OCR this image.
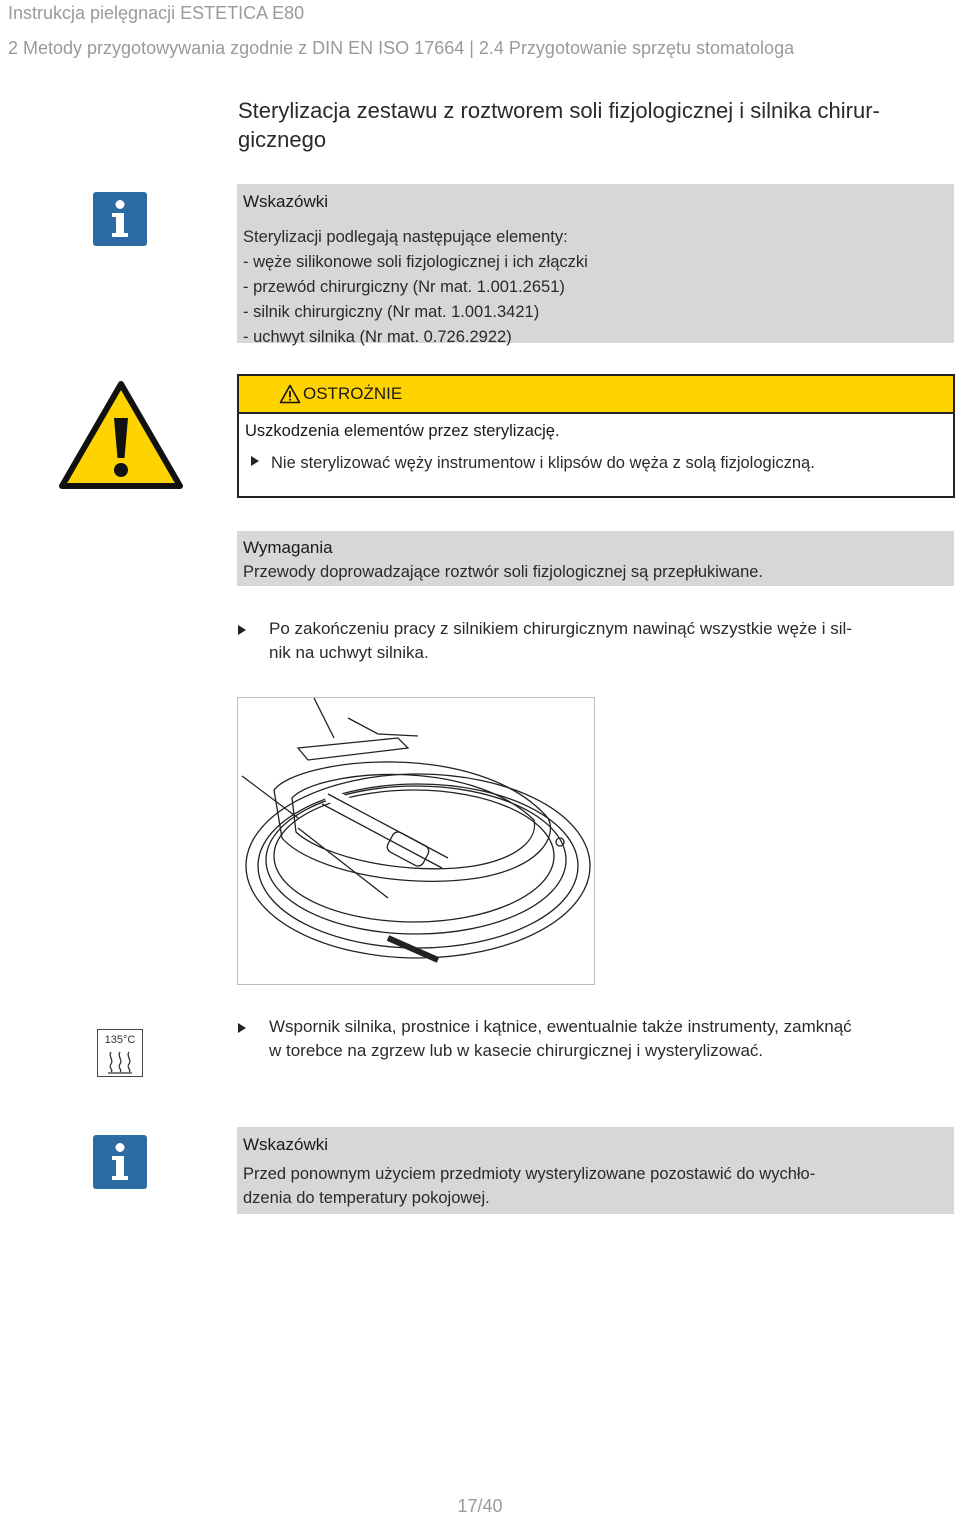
Instrukcja pielęgnacji ESTETICA E80
2 Metody przygotowywania zgodnie z DIN EN ISO 17664 | 2.4 Przygotowanie sprzętu stomatologa
Sterylizacja zestawu z roztworem soli fizjologicznej i silnika chirur-gicznego
Wskazówki
Sterylizacji podlegają następujące elementy:
- węże silikonowe soli fizjologicznej i ich złączki
- przewód chirurgiczny (Nr mat. 1.001.2651)
- silnik chirurgiczny (Nr mat. 1.001.3421)
- uchwyt silnika (Nr mat. 0.726.2922)
OSTROŻNIE
Uszkodzenia elementów przez sterylizację.
Nie sterylizować węży instrumentow i klipsów do węża z solą fizjologiczną.
Wymagania
Przewody doprowadzające roztwór soli fizjologicznej są przepłukiwane.
Po zakończeniu pracy z silnikiem chirurgicznym nawinąć wszystkie węże i sil-
nik na uchwyt silnika.
135°C
Wspornik silnika, prostnice i kątnice, ewentualnie także instrumenty, zamknąć
w torebce na zgrzew lub w kasecie chirurgicznej i wysterylizować.
Wskazówki
Przed ponownym użyciem przedmioty wysterylizowane pozostawić do wychło-
dzenia do temperatury pokojowej.
17/40
